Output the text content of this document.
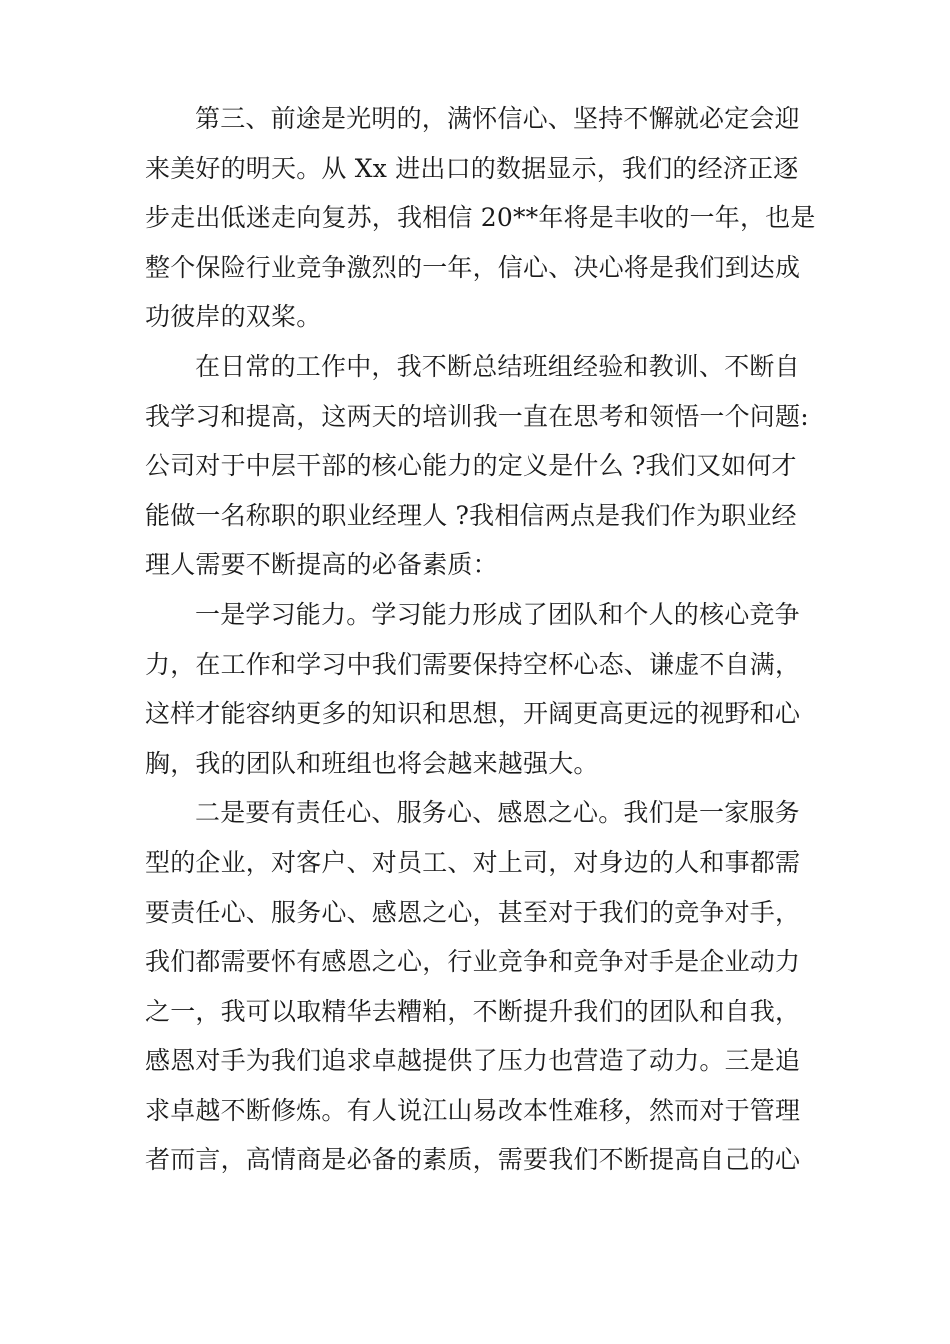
第三、前途是光明的，满怀信心、坚持不懈就必定会迎
来美好的明天。从 Xx 进出口的数据显示，我们的经济正逐
步走出低迷走向复苏，我相信 20**年将是丰收的一年，也是
整个保险行业竞争激烈的一年，信心、决心将是我们到达成
功彼岸的双桨。
在日常的工作中，我不断总结班组经验和教训、不断自
我学习和提高，这两天的培训我一直在思考和领悟一个问题:
公司对于中层干部的核心能力的定义是什么 ?我们又如何才
能做一名称职的职业经理人 ?我相信两点是我们作为职业经
理人需要不断提高的必备素质：
一是学习能力。学习能力形成了团队和个人的核心竞争
力，在工作和学习中我们需要保持空杯心态、谦虚不自满，
这样才能容纳更多的知识和思想，开阔更高更远的视野和心
胸，我的团队和班组也将会越来越强大。
二是要有责任心、服务心、感恩之心。我们是一家服务
型的企业，对客户、对员工、对上司，对身边的人和事都需
要责任心、服务心、感恩之心，甚至对于我们的竞争对手，
我们都需要怀有感恩之心，行业竞争和竞争对手是企业动力
之一，我可以取精华去糟粕，不断提升我们的团队和自我，
感恩对手为我们追求卓越提供了压力也营造了动力。三是追
求卓越不断修炼。有人说江山易改本性难移，然而对于管理
者而言，高情商是必备的素质，需要我们不断提高自己的心
